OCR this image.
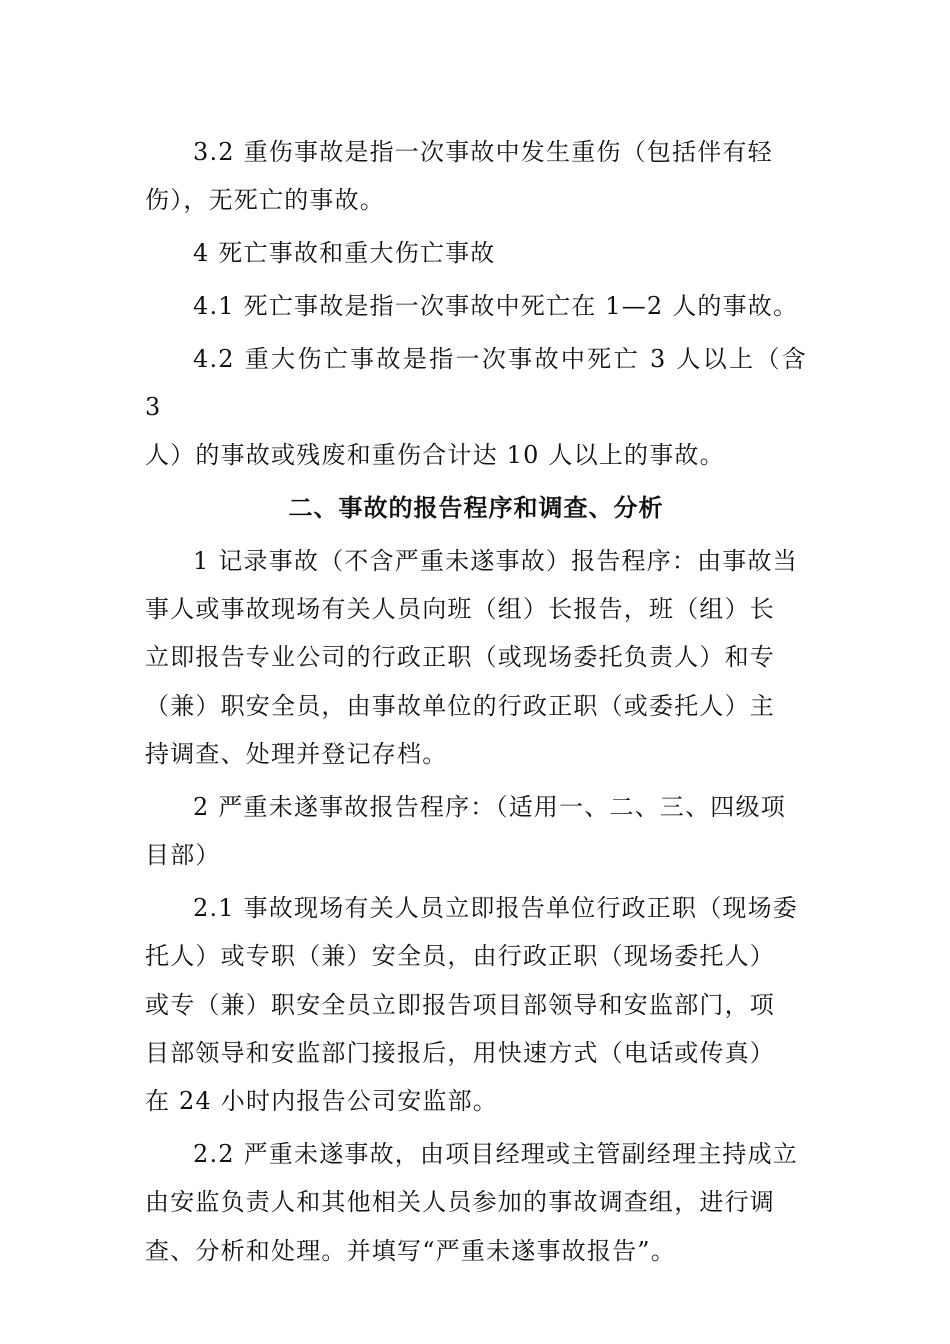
3.2 重伤事故是指一次事故中发生重伤（包括伴有轻
伤），无死亡的事故。

4 死亡事故和重大伤亡事故

4.1 死亡事故是指一次事故中死亡在 1—2 人的事故。

4.2 重大伤亡事故是指一次事故中死亡 3 人以上（含 3
人）的事故或残废和重伤合计达 10 人以上的事故。

二、事故的报告程序和调查、分析

1 记录事故（不含严重未遂事故）报告程序：由事故当
事人或事故现场有关人员向班（组）长报告，班（组）长
立即报告专业公司的行政正职（或现场委托负责人）和专
（兼）职安全员，由事故单位的行政正职（或委托人）主
持调查、处理并登记存档。

2 严重未遂事故报告程序：（适用一、二、三、四级项
目部）

2.1 事故现场有关人员立即报告单位行政正职（现场委
托人）或专职（兼）安全员，由行政正职（现场委托人）
或专（兼）职安全员立即报告项目部领导和安监部门，项
目部领导和安监部门接报后，用快速方式（电话或传真）
在 24 小时内报告公司安监部。

2.2 严重未遂事故，由项目经理或主管副经理主持成立
由安监负责人和其他相关人员参加的事故调查组，进行调
查、分析和处理。并填写“严重未遂事故报告”。
